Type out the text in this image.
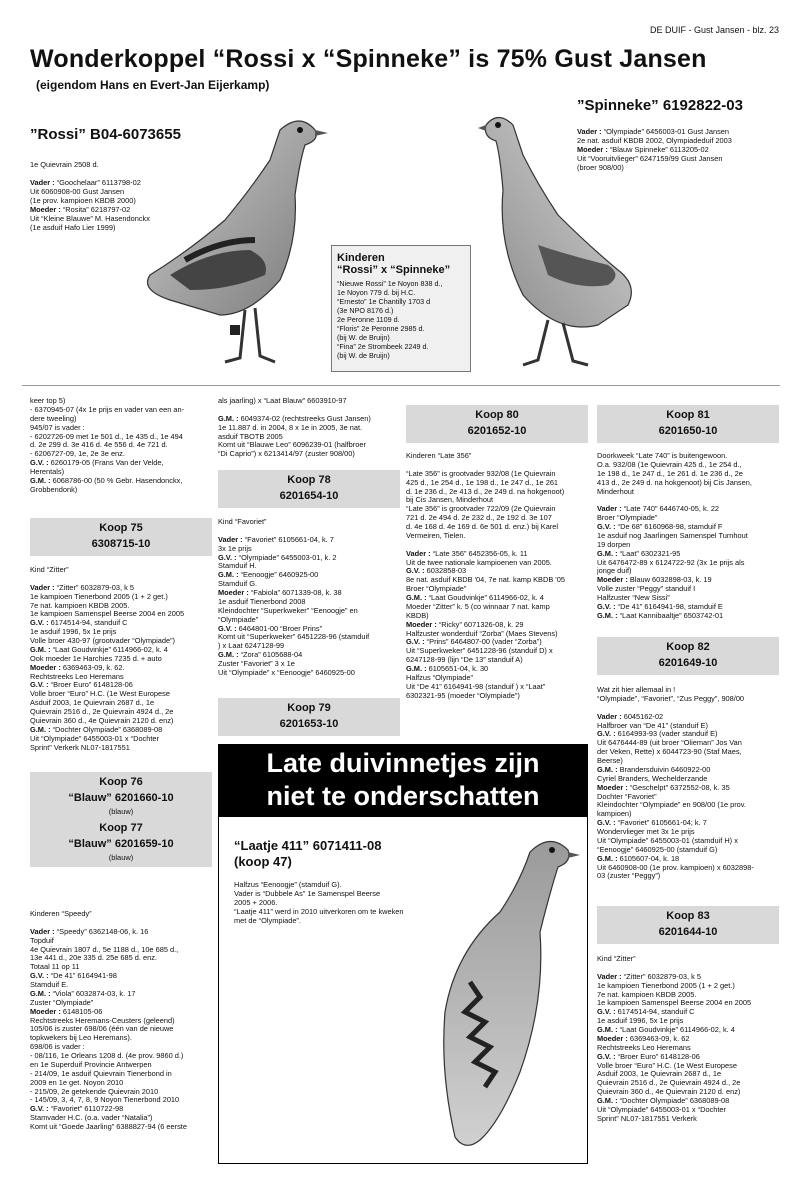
DE DUIF - Gust Jansen - blz. 23
Wonderkoppel “Rossi x “Spinneke” is 75% Gust Jansen
(eigendom Hans en Evert-Jan Eijerkamp)
”Rossi” B04-6073655
1e Quievrain 2508 d.

Vader : “Goochelaar” 6113798-02
Uit 6060908-00 Gust Jansen
(1e prov. kampioen KBDB 2000)
Moeder : “Rosita” 6218797-02
Uit “Kleine Blauwe” M. Hasendonckx
(1e asduif Hafo Lier 1999)
”Spinneke” 6192822-03
Vader : “Olympiade” 6456003-01 Gust Jansen
2e nat. asduif KBDB 2002, Olympiadeduif 2003
Moeder : “Blauw Spinneke” 6113205-02
Uit “Vooruitvlieger” 6247159/99 Gust Jansen
(broer 908/00)
Kinderen
“Rossi” x “Spinneke”
“Nieuwe Rossi” 1e Noyon 838 d.,
1e Noyon 779 d. bij H.C.
“Ernesto” 1e Chantilly 1703 d
(3e NPO 8176 d.)
2e Peronne 1109 d.
“Floris” 2e Peronne 2985 d.
(bij W. de Bruijn)
“Fina” 2e Strombeek 2249 d.
(bij W. de Bruijn)
keer top 5)
- 6370945-07 (4x 1e prijs en vader van een an-
dere tweeling)
945/07 is vader :
- 6202726-09 met 1e 501 d., 1e 435 d., 1e 494
d. 2e 299 d. 3e 416 d. 4e 556 d. 4e 721 d.
- 6206727-09, 1e, 2e 3e enz.
G.V. : 6260179-05 (Frans Van der Velde,
Herentals)
G.M. : 6068786-00 (50 % Gebr. Hasendonckx,
Grobbendonk)
Koop 75
6308715-10
Kind “Zitter”

Vader : “Zitter” 6032879-03, k 5
1e kampioen Tienerbond 2005 (1 + 2 get.)
7e nat. kampioen KBDB 2005.
1e kampioen Samenspel Beerse 2004 en 2005
G.V. : 6174514-94, standuif C
1e asduif 1996, 5x 1e prijs
Volle broer 430-97 (grootvader “Olympiade”)
G.M. : “Laat Goudvinkje” 6114966-02, k. 4
Ook moeder 1e Harchies 7235 d. + auto
Moeder : 6369463-09, k. 62.
Rechtstreeks Leo Heremans
G.V. : “Broer Euro” 6148128-06
Volle broer “Euro” H.C. (1e West Europese
Asduif 2003, 1e Quievrain 2687 d., 1e
Quievrain 2516 d., 2e Quievrain 4924 d., 2e
Quievrain 360 d., 4e Quievrain 2120 d. enz)
G.M. : “Dochter Olympiade” 6368089-08
Uit “Olympiade” 6455003-01 x “Dochter
Sprint” Verkerk NL07-1817551
Koop 76
“Blauw” 6201660-10
(blauw)
Koop 77
“Blauw” 6201659-10
(blauw)
Kinderen “Speedy”

Vader : “Speedy” 6362148-06, k. 16
Topduif
4e Quievrain 1807 d., 5e 1188 d., 10e 685 d.,
13e 441 d., 20e 335 d. 25e 685 d. enz.
Totaal 11 op 11
G.V. : “De 41” 6164941-98
Stamduif E.
G.M. : “Viola” 6032874-03, k. 17
Zuster “Olympiade”
Moeder : 6148105-06
Rechtstreeks Heremans-Ceusters (geleend)
105/06 is zuster 698/06 (één van de nieuwe
topkwekers bij Leo Heremans).
698/06 is vader :
- 08/116, 1e Orleans 1208 d. (4e prov. 9860 d.)
en 1e Superduif Provincie Antwerpen
- 214/09, 1e asduif Quievrain Tienerbond in
2009 en 1e get. Noyon 2010
- 215/09, 2e getekende Quievrain 2010
- 145/09, 3, 4, 7, 8, 9 Noyon Tienerbond 2010
G.V. : “Favoriet” 6110722-98
Stamvader H.C. (o.a. vader “Natalia”)
Komt uit “Goede Jaarling” 6388827-94 (6 eerste
als jaarling) x “Laat Blauw” 6603910-97

G.M. : 6049374-02 (rechtstreeks Gust Jansen)
1e 11.887 d. in 2004, 8 x 1e in 2005, 3e nat.
asduif TBOTB 2005
Komt uit “Blauwe Leo” 6096239-01 (halfbroer
“Di Caprio”) x 6213414/97 (zuster 908/00)
Koop 78
6201654-10
Kind “Favoriet”

Vader : “Favoriet” 6105661-04, k. 7
3x 1e prijs
G.V. : “Olympiade” 6455003-01, k. 2
Stamduif H.
G.M. : “Eenoogje” 6460925-00
Stamduif G.
Moeder : “Fabiola” 6071339-08, k. 38
1e asduif Tienerbond 2008
Kleindochter “Superkweker” “Eenoogje” en
“Olympiade”
G.V. : 6464801-00 “Broer Prins”
Komt uit “Superkweker” 6451228-96 (stamduif
) x Laat 6247128-99
G.M. : “Zora” 6105688-04
Zuster “Favoriet” 3 x 1e
Uit “Olympiade” x “Eenoogje” 6460925-00
Koop 79
6201653-10
Koop 80
6201652-10
Kinderen “Late 356”

“Late 356” is grootvader 932/08 (1e Quievrain
425 d., 1e 254 d., 1e 198 d., 1e 247 d., 1e 261
d. 1e 236 d., 2e 413 d., 2e 249 d. na hokgenoot)
bij Cis Jansen, Minderhout
“Late 356” is grootvader 722/09 (2e Quievrain
721 d. 2e 494 d. 2e 232 d., 2e 192 d. 3e 107
d. 4e 168 d. 4e 169 d. 6e 501 d. enz.) bij Karel
Vermeiren, Tielen.

Vader : “Late 356” 6452356-05, k. 11
Uit de twee nationale kampioenen van 2005.
G.V. : 6032858-03
8e nat. asduif KBDB '04, 7e nat. kamp KBDB '05
Broer “Olympiade”
G.M. : “Laat Goudvinkje” 6114966-02, k. 4
Moeder “Zitter” k. 5 (co winnaar 7 nat. kamp
KBDB)
Moeder : “Ricky” 6071326-08, k. 29
Halfzuster wonderduif “Zorba” (Maes Stevens)
G.V. : “Prins” 6464807-00 (vader “Zorba”)
Uit “Superkweker” 6451228-96 (standuif D) x
6247128-99 (lijn “De 13” standuif A)
G.M. : 6105651-04, k. 30
Halfzus “Olympiade”
Uit “De 41” 6164941-98 (standuif ) x “Laat”
6302321-95 (moeder “Olympiade”)
Koop 81
6201650-10
Doorkweek “Late 740” is buitengewoon.
O.a. 932/08 (1e Quievrain 425 d., 1e 254 d.,
1e 198 d., 1e 247 d., 1e 261 d. 1e 236 d., 2e
413 d., 2e 249 d. na hokgenoot) bij Cis Jansen,
Minderhout

Vader : “Late 740” 6446740-05, k. 22
Broer “Olympiade”
G.V. : “De 68” 6160968-98, stamduif F
1e asduif nog Jaarlingen Samenspel Turnhout
19 dorpen
G.M. : “Laat” 6302321-95
Uit 6476472-89 x 6124722-92 (3x 1e prijs als
jonge duif)
Moeder : Blauw 6032898-03, k. 19
Volle zuster “Peggy” standuif I
Halfzuster “New Sissi”
G.V. : “De 41” 6164941-98, stamduif E
G.M. : “Laat Kannibaaltje” 6503742-01
Koop 82
6201649-10
Wat zit hier allemaal in !
“Olympiade”, “Favoriet”, “Zus Peggy”, 908/00

Vader : 6045162-02
Halfbroer van “De 41” (standuif E)
G.V. : 6164993-93 (vader standuif E)
Uit 6476444-89 (uit broer “Olieman” Jos Van
der Veken, Rette) x 6044723-90 (Staf Maes,
Beerse)
G.M. : Brandersduivin 6460922-00
Cyriel Branders, Wechelderzande
Moeder : “Geschelpt” 6372552-08, k. 35
Dochter “Favoriet”
Kleindochter “Olympiade” en 908/00 (1e prov.
kampioen)
G.V. : “Favoriet” 6105661-04; k. 7
Wondervlieger met 3x 1e prijs
Uit “Olympiade” 6455003-01 (stamduif H) x
“Eenoogje” 6460925-00 (stamduif G)
G.M. : 6105607-04, k. 18
Uit 6460908-00 (1e prov. kampioen) x 6032898-
03 (zuster “Peggy”)
Koop 83
6201644-10
Kind “Zitter”

Vader : “Zitter” 6032879-03, k 5
1e kampioen Tienerbond 2005 (1 + 2 get.)
7e nat. kampioen KBDB 2005.
1e kampioen Samenspel Beerse 2004 en 2005
G.V. : 6174514-94, standuif C
1e asduif 1996, 5x 1e prijs
G.M. : “Laat Goudvinkje” 6114966-02, k. 4
Moeder : 6369463-09, k. 62
Rechtstreeks Leo Heremans
G.V. : “Broer Euro” 6148128-06
Volle broer “Euro” H.C. (1e West Europese
Asduif 2003, 1e Quievrain 2687 d., 1e
Quievrain 2516 d., 2e Quievrain 4924 d., 2e
Quievrain 360 d., 4e Quievrain 2120 d. enz)
G.M. : “Dochter Olympiade” 6368089-08
Uit “Olympiade” 6455003-01 x “Dochter
Sprint” NL07-1817551 Verkerk
Late duivinnetjes zijn
niet te onderschatten
“Laatje 411” 6071411-08
(koop 47)
Halfzus “Eenoogje” (stamduif G).
Vader is “Dubbele As” 1e Samenspel Beerse
2005 + 2006.
“Laatje 411” werd in 2010 uitverkoren om te kweken
met de “Olympiade”.
